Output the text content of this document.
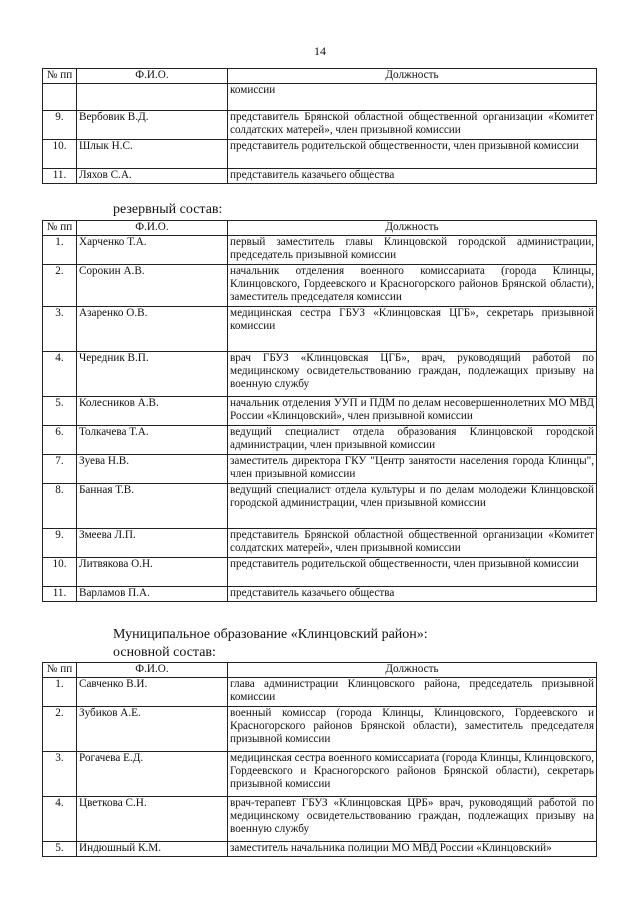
14
№ пп	Ф.И.О.	Должность
		комиссии
9.	Вербовик В.Д.	представитель Брянской областной общественной организации «Комитет солдатских матерей», член призывной комиссии
10.	Шлык Н.С.	представитель родительской общественности, член призывной комиссии
11.	Ляхов С.А.	представитель казачьего общества
резервный состав:
№ пп	Ф.И.О.	Должность
1.	Харченко Т.А.	первый заместитель главы Клинцовской городской администрации, председатель призывной комиссии
2.	Сорокин А.В.	начальник отделения военного комиссариата (города Клинцы, Клинцовского, Гордеевского и Красногорского районов Брянской области), заместитель председателя комиссии
3.	Азаренко О.В.	медицинская сестра ГБУЗ «Клинцовская ЦГБ», секретарь призывной комиссии
4.	Чередник В.П.	врач ГБУЗ «Клинцовская ЦГБ», врач, руководящий работой по медицинскому освидетельствованию граждан, подлежащих призыву на военную службу
5.	Колесников А.В.	начальник отделения УУП и ПДМ по делам несовершеннолетних МО МВД России «Клинцовский», член призывной комиссии
6.	Толкачева Т.А.	ведущий специалист отдела образования Клинцовской городской администрации, член призывной комиссии
7.	Зуева Н.В.	заместитель директора ГКУ "Центр занятости населения города Клинцы", член призывной комиссии
8.	Банная Т.В.	ведущий специалист отдела культуры и по делам молодежи Клинцовской городской администрации, член призывной комиссии
9.	Змеева Л.П.	представитель Брянской областной общественной организации «Комитет солдатских матерей», член призывной комиссии
10.	Литвякова О.Н.	представитель родительской общественности, член призывной комиссии
11.	Варламов П.А.	представитель казачьего общества
Муниципальное образование «Клинцовский район»:
основной состав:
№ пп	Ф.И.О.	Должность
1.	Савченко В.И.	глава администрации Клинцовского района, председатель призывной комиссии
2.	Зубиков А.Е.	военный комиссар (города Клинцы, Клинцовского, Гордеевского и Красногорского районов Брянской области), заместитель председателя призывной комиссии
3.	Рогачева Е.Д.	медицинская сестра военного комиссариата (города Клинцы, Клинцовского, Гордеевского и Красногорского районов Брянской области), секретарь призывной комиссии
4.	Цветкова С.Н.	врач-терапевт ГБУЗ «Клинцовская ЦРБ» врач, руководящий работой по медицинскому освидетельствованию граждан, подлежащих призыву на военную службу
5.	Индюшный К.М.	заместитель начальника полиции МО МВД России «Клинцовский»
